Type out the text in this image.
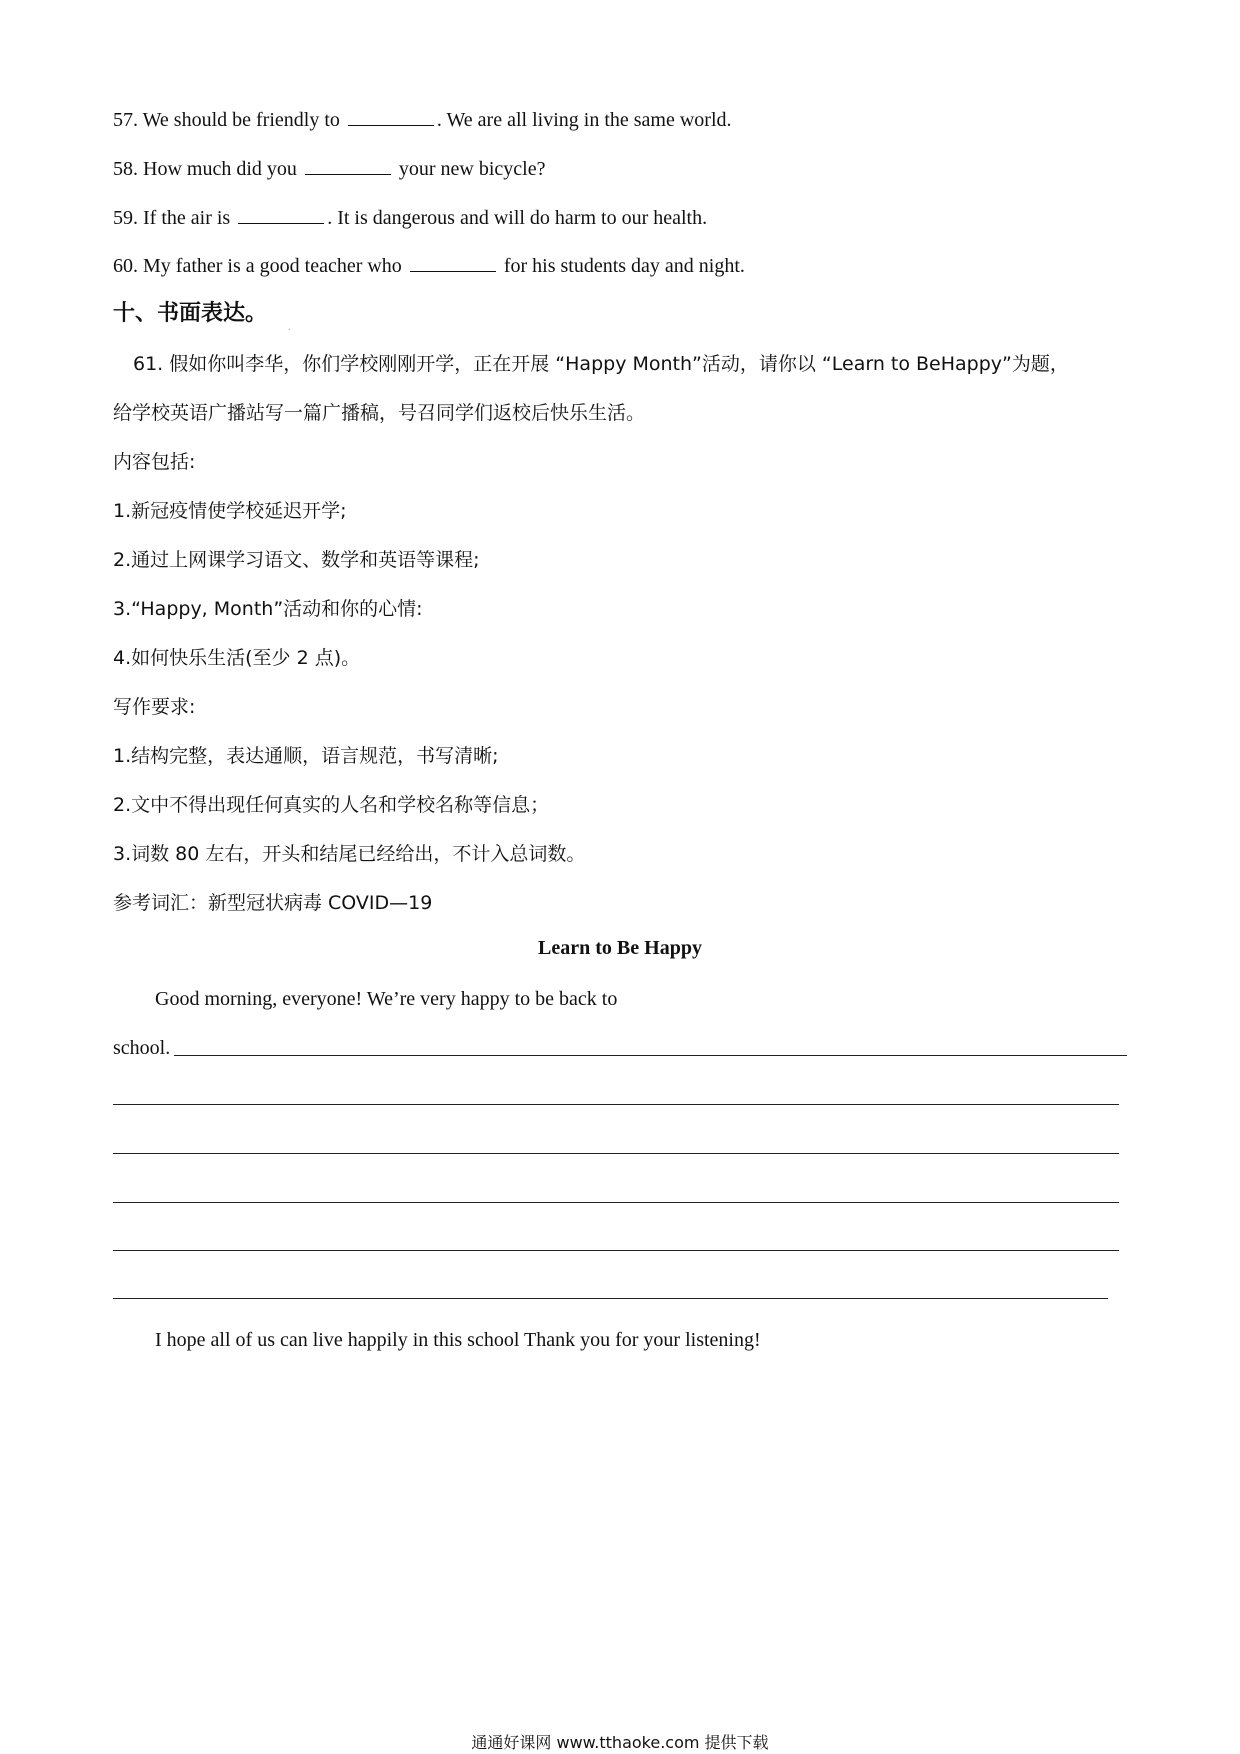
57. We should be friendly to	. We are all living in the same world.
58. How much did you	your new bicycle?
59. If the air is	. It is dangerous and will do harm to our health.
60. My father is a good teacher who	for his students day and night.
十、书面表达。
.
61. 假如你叫李华，你们学校刚刚开学，正在开展 “Happy Month”活动，请你以 “Learn to BeHappy”为题，
给学校英语广播站写一篇广播稿，号召同学们返校后快乐生活。
内容包括:
1.新冠疫情使学校延迟开学;
2.通过上网课学习语文、数学和英语等课程;
3.“Happy, Month”活动和你的心情:
4.如何快乐生活(至少 2 点)。
写作要求:
1.结构完整，表达通顺，语言规范，书写清晰;
2.文中不得出现任何真实的人名和学校名称等信息；
3.词数 80 左右，开头和结尾已经给出，不计入总词数。
参考词汇：新型冠状病毒 COVID—19
Learn to Be Happy
Good morning, everyone! We’re very happy to be back to
school.
I hope all of us can live happily in this school Thank you for your listening!
通通好课网 www.tthaoke.com 提供下载
